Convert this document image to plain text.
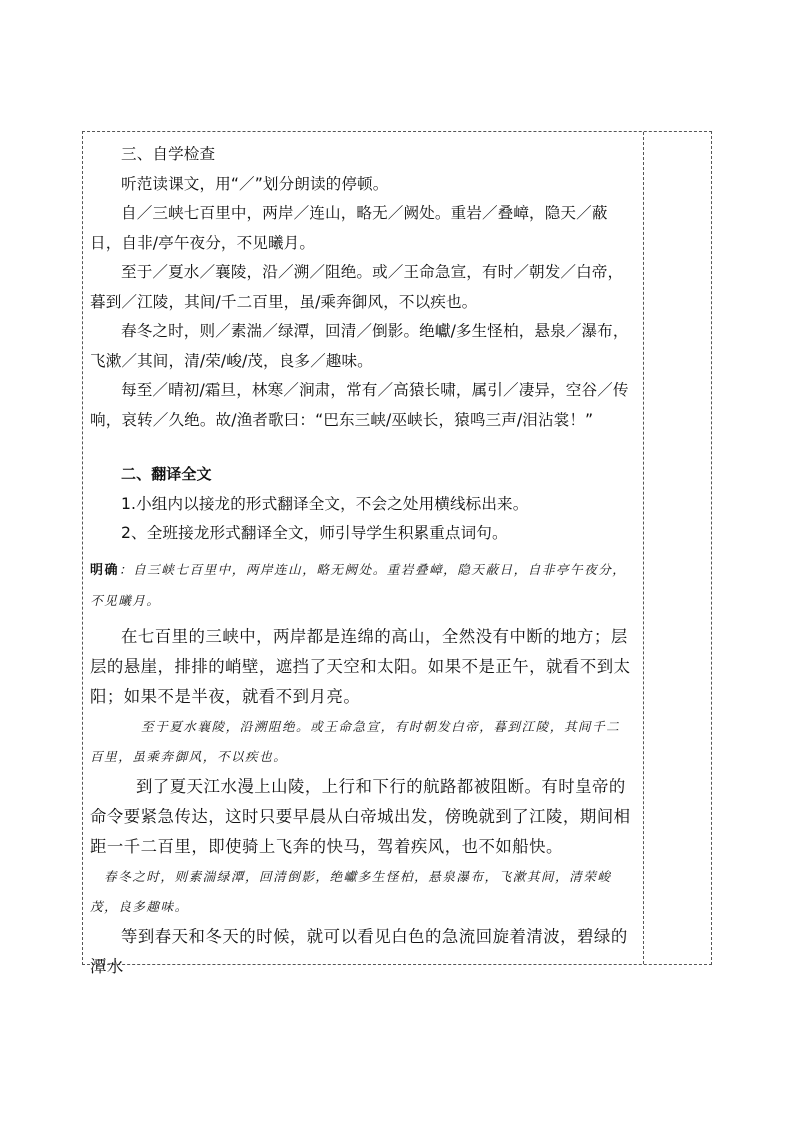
三、自学检查

听范读课文，用“／”划分朗读的停顿。

自／三峡七百里中，两岸／连山，略无／阙处。重岩／叠嶂，隐天／蔽日，自非/亭午夜分，不见曦月。

至于／夏水／襄陵，沿／溯／阻绝。或／王命急宣，有时／朝发／白帝，暮到／江陵，其间/千二百里，虽/乘奔御风，不以疾也。

春冬之时，则／素湍／绿潭，回清／倒影。绝巘/多生怪柏，悬泉／瀑布，飞漱／其间，清/荣/峻/茂，良多／趣味。

每至／晴初/霜旦，林寒／涧肃，常有／高猿长啸，属引／凄异，空谷／传响，哀转／久绝。故/渔者歌曰：“巴东三峡/巫峡长，猿鸣三声/泪沾裳！”

二、翻译全文

1.小组内以接龙的形式翻译全文，不会之处用横线标出来。

2、全班接龙形式翻译全文，师引导学生积累重点词句。

明确：自三峡七百里中，两岸连山，略无阙处。重岩叠嶂，隐天蔽日，自非亭午夜分，不见曦月。

在七百里的三峡中，两岸都是连绵的高山，全然没有中断的地方；层层的悬崖，排排的峭壁，遮挡了天空和太阳。如果不是正午，就看不到太阳；如果不是半夜，就看不到月亮。

至于夏水襄陵，沿溯阻绝。或王命急宣，有时朝发白帝，暮到江陵，其间千二百里，虽乘奔御风，不以疾也。

到了夏天江水漫上山陵，上行和下行的航路都被阻断。有时皇帝的命令要紧急传达，这时只要早晨从白帝城出发，傍晚就到了江陵，期间相距一千二百里，即使骑上飞奔的快马，驾着疾风，也不如船快。

春冬之时，则素湍绿潭，回清倒影，绝巘多生怪柏，悬泉瀑布，飞漱其间，清荣峻茂，良多趣味。

等到春天和冬天的时候，就可以看见白色的急流回旋着清波，碧绿的潭水
